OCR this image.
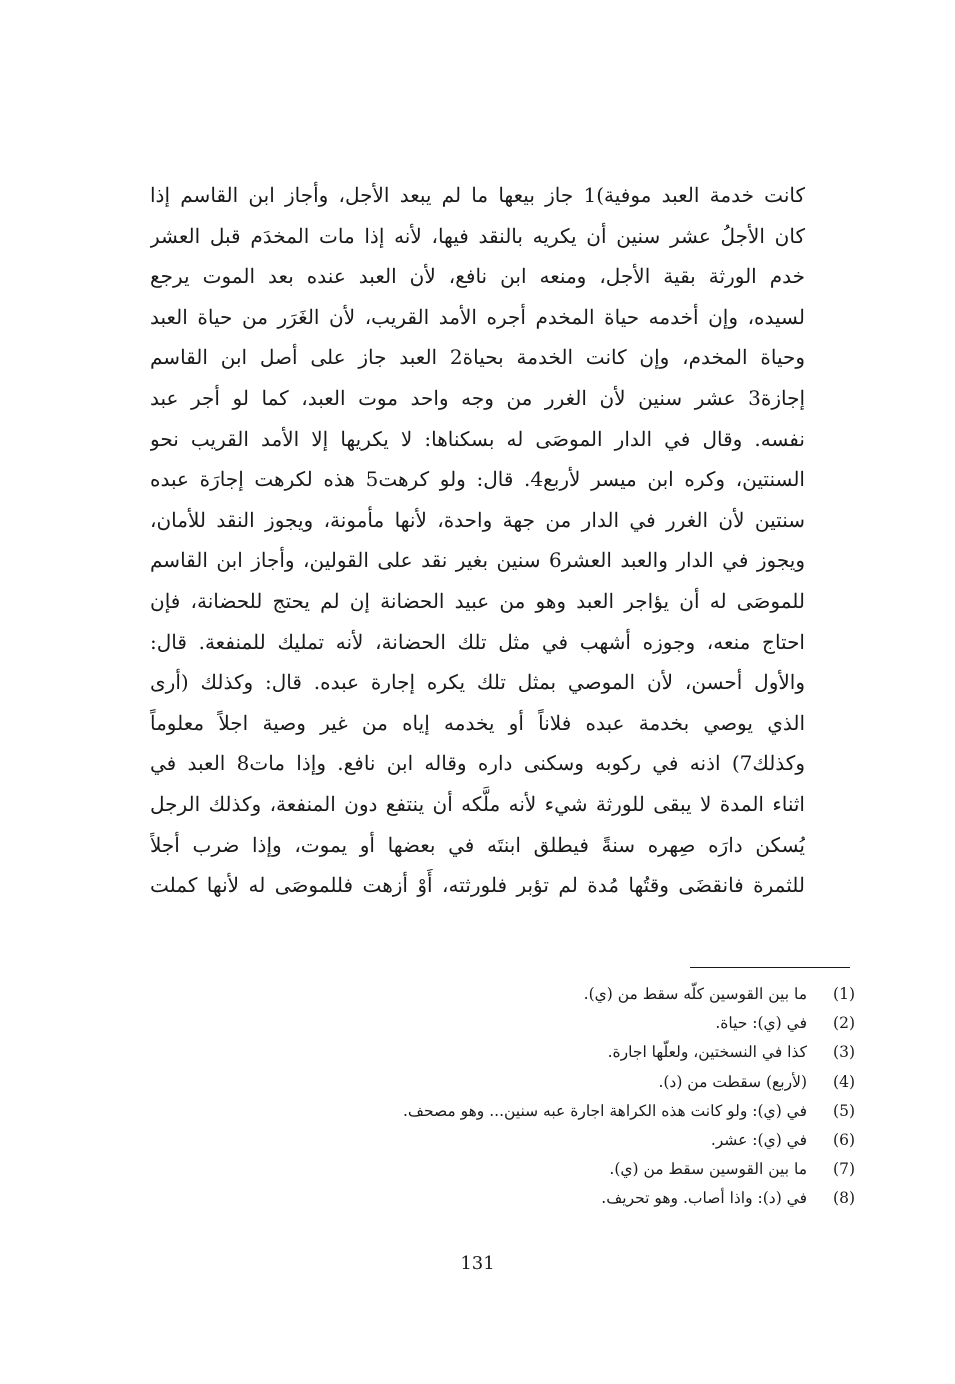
كانت خدمة العبد موفية)1 جاز بيعها ما لم يبعد الأجل، وأجاز ابن القاسم إذا
كان الأجلُ عشر سنين أن يكريه بالنقد فيها، لأنه إذا مات المخدَم قبل العشر
خدم الورثة بقية الأجل، ومنعه ابن نافع، لأن العبد عنده بعد الموت يرجع
لسيده، وإن أخدمه حياة المخدم أجره الأمد القريب، لأن الغَرَر من حياة العبد
وحياة المخدم، وإن كانت الخدمة بحياة2 العبد جاز على أصل ابن القاسم
إجازة3 عشر سنين لأن الغرر من وجه واحد موت العبد، كما لو أجر عبد
نفسه. وقال في الدار الموصَى له بسكناها: لا يكريها إلا الأمد القريب نحو
السنتين، وكره ابن ميسر لأربع4. قال: ولو كرهت5 هذه لكرهت إجارَة عبده
سنتين لأن الغرر في الدار من جهة واحدة، لأنها مأمونة، ويجوز النقد للأمان،
ويجوز في الدار والعبد العشر6 سنين بغير نقد على القولين، وأجاز ابن القاسم
للموصَى له أن يؤاجر العبد وهو من عبيد الحضانة إن لم يحتج للحضانة، فإن
احتاج منعه، وجوزه أشهب في مثل تلك الحضانة، لأنه تمليك للمنفعة. قال:
والأول أحسن، لأن الموصي بمثل تلك يكره إجارة عبده. قال: وكذلك (أرى
الذي يوصي بخدمة عبده فلاناً أو يخدمه إياه من غير وصية اجلاً معلوماً
وكذلك7) اذنه في ركوبه وسكنى داره وقاله ابن نافع. وإذا مات8 العبد في
اثناء المدة لا يبقى للورثة شيء لأنه ملَّكه أن ينتفع دون المنفعة، وكذلك الرجل
يُسكن دارَه صِهره سنةً فيطلق ابنتَه في بعضها أو يموت، وإذا ضرب أجلاً
للثمرة فانقضَى وقتُها مُدة لم تؤبر فلورثته، أَوْ أزهت فللموصَى له لأنها كملت
(1)
ما بين القوسين كلّه سقط من (ي).
(2)
في (ي): حياة.
(3)
كذا في النسختين، ولعلّها اجارة.
(4)
(لأربع) سقطت من (د).
(5)
في (ي): ولو كانت هذه الكراهة اجارة عبه سنين... وهو مصحف.
(6)
في (ي): عشر.
(7)
ما بين القوسين سقط من (ي).
(8)
في (د): واذا أصاب. وهو تحريف.
131
